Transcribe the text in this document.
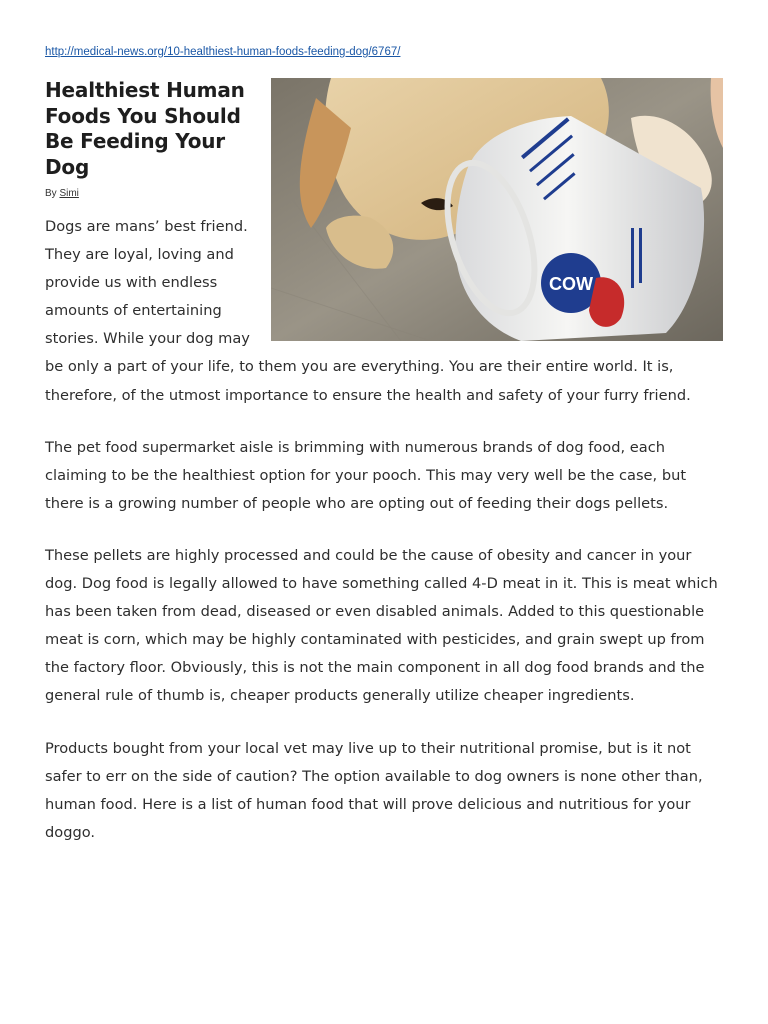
http://medical-news.org/10-healthiest-human-foods-feeding-dog/6767/
COW
Healthiest Human Foods You Should Be Feeding Your Dog

By Simi

Dogs are mans’ best friend. They are loyal, loving and provide us with endless amounts of entertaining stories. While your dog may be only a part of your life, to them you are everything. You are their entire world. It is, therefore, of the utmost importance to ensure the health and safety of your furry friend.

The pet food supermarket aisle is brimming with numerous brands of dog food, each claiming to be the healthiest option for your pooch. This may very well be the case, but there is a growing number of people who are opting out of feeding their dogs pellets.

These pellets are highly processed and could be the cause of obesity and cancer in your dog. Dog food is legally allowed to have something called 4-D meat in it. This is meat which has been taken from dead, diseased or even disabled animals. Added to this questionable meat is corn, which may be highly contaminated with pesticides, and grain swept up from the factory floor. Obviously, this is not the main component in all dog food brands and the general rule of thumb is, cheaper products generally utilize cheaper ingredients.

Products bought from your local vet may live up to their nutritional promise, but is it not safer to err on the side of caution? The option available to dog owners is none other than, human food. Here is a list of human food that will prove delicious and nutritious for your doggo.
